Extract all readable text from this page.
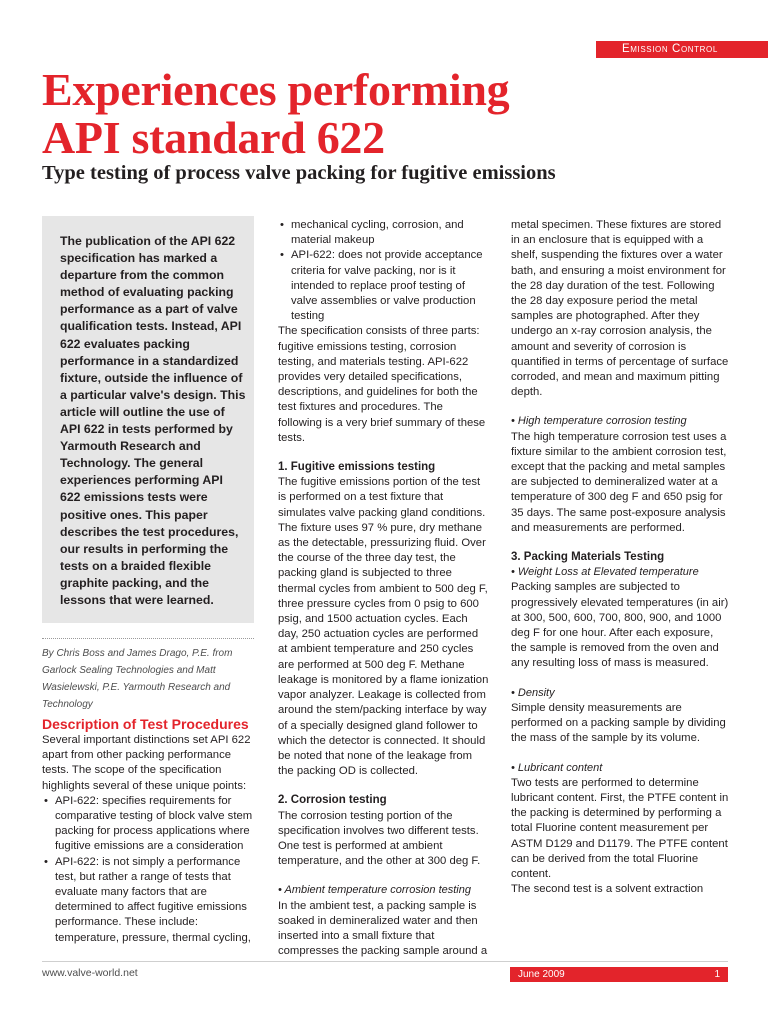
Emission Control
Experiences performing
API standard 622
Type testing of process valve packing for fugitive emissions

The publication of the API 622 specification has marked a departure from the common method of evaluating packing performance as a part of valve qualification tests. Instead, API 622 evaluates packing performance in a standardized fixture, outside the influence of a particular valve's design. This article will outline the use of API 622 in tests performed by Yarmouth Research and Technology. The general experiences performing API 622 emissions tests were positive ones. This paper describes the test procedures, our results in performing the tests on a braided flexible graphite packing, and the lessons that were learned.

By Chris Boss and James Drago, P.E. from Garlock Sealing Technologies and Matt Wasielewski, P.E. Yarmouth Research and Technology

Description of Test Procedures

Several important distinctions set API 622 apart from other packing performance tests. The scope of the specification highlights several of these unique points:

• API-622: specifies requirements for comparative testing of block valve stem packing for process applications where fugitive emissions are a consideration
• API-622: is not simply a performance test, but rather a range of tests that evaluate many factors that are determined to affect fugitive emissions performance. These include: temperature, pressure, thermal cycling,
• mechanical cycling, corrosion, and material makeup
• API-622: does not provide acceptance criteria for valve packing, nor is it intended to replace proof testing of valve assemblies or valve production testing

The specification consists of three parts: fugitive emissions testing, corrosion testing, and materials testing. API-622 provides very detailed specifications, descriptions, and guidelines for both the test fixtures and procedures. The following is a very brief summary of these tests.

1. Fugitive emissions testing

The fugitive emissions portion of the test is performed on a test fixture that simulates valve packing gland conditions. The fixture uses 97 % pure, dry methane as the detectable, pressurizing fluid. Over the course of the three day test, the packing gland is subjected to three thermal cycles from ambient to 500 deg F, three pressure cycles from 0 psig to 600 psig, and 1500 actuation cycles. Each day, 250 actuation cycles are performed at ambient temperature and 250 cycles are performed at 500 deg F. Methane leakage is monitored by a flame ionization vapor analyzer. Leakage is collected from around the stem/packing interface by way of a specially designed gland follower to which the detector is connected. It should be noted that none of the leakage from the packing OD is collected.

2. Corrosion testing

The corrosion testing portion of the specification involves two different tests. One test is performed at ambient temperature, and the other at 300 deg F.

• Ambient temperature corrosion testing

In the ambient test, a packing sample is soaked in demineralized water and then inserted into a small fixture that compresses the packing sample around a

metal specimen. These fixtures are stored in an enclosure that is equipped with a shelf, suspending the fixtures over a water bath, and ensuring a moist environment for the 28 day duration of the test. Following the 28 day exposure period the metal samples are photographed. After they undergo an x-ray corrosion analysis, the amount and severity of corrosion is quantified in terms of percentage of surface corroded, and mean and maximum pitting depth.

• High temperature corrosion testing

The high temperature corrosion test uses a fixture similar to the ambient corrosion test, except that the packing and metal samples are subjected to demineralized water at a temperature of 300 deg F and 650 psig for 35 days. The same post-exposure analysis and measurements are performed.

3. Packing Materials Testing

• Weight Loss at Elevated temperature

Packing samples are subjected to progressively elevated temperatures (in air) at 300, 500, 600, 700, 800, 900, and 1000 deg F for one hour. After each exposure, the sample is removed from the oven and any resulting loss of mass is measured.

• Density

Simple density measurements are performed on a packing sample by dividing the mass of the sample by its volume.

• Lubricant content

Two tests are performed to determine lubricant content. First, the PTFE content in the packing is determined by performing a total Fluorine content measurement per ASTM D129 and D1179. The PTFE content can be derived from the total Fluorine content.

The second test is a solvent extraction

www.valve-world.net	June 2009	1
